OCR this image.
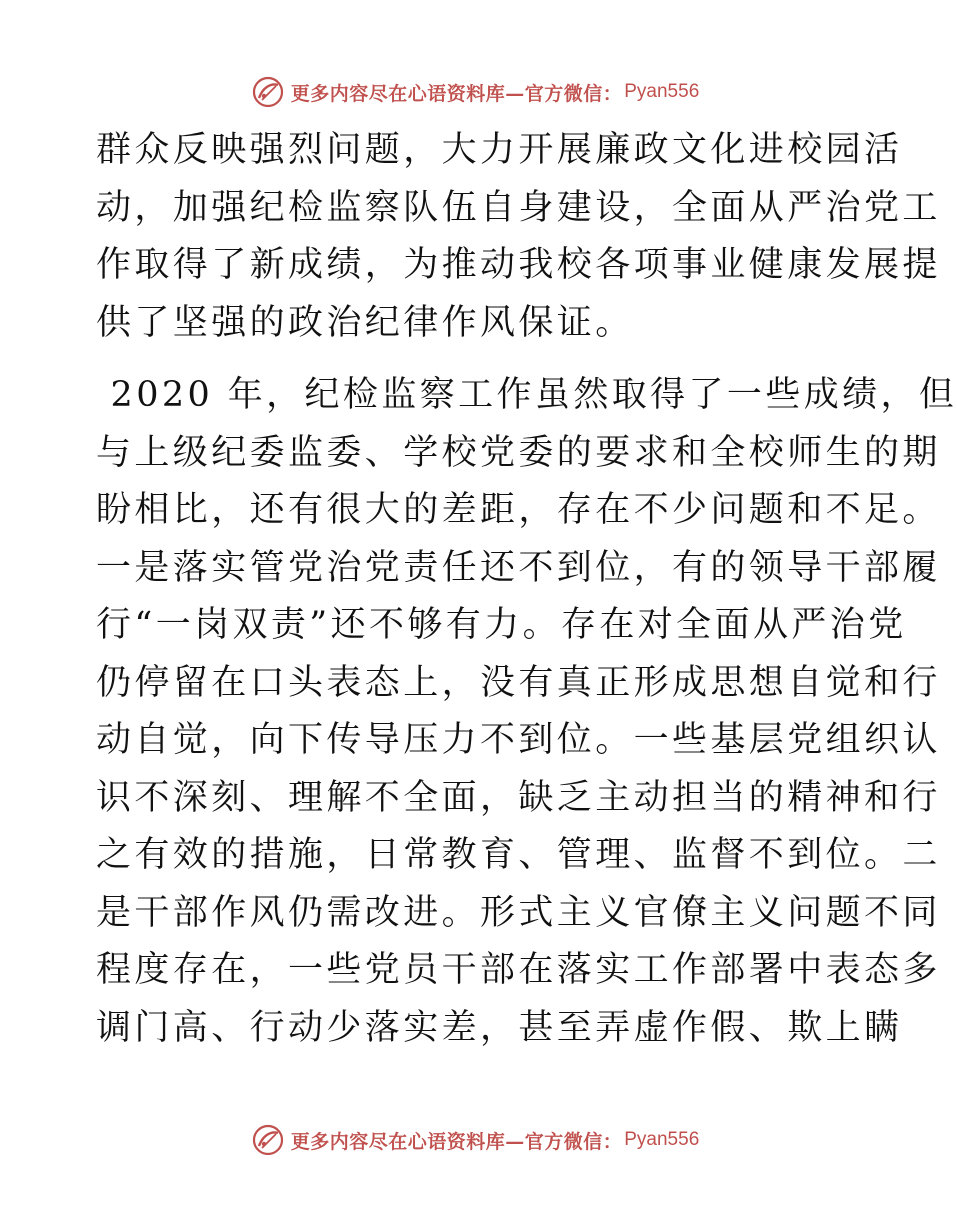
更多内容尽在心语资料库—官方微信： Pyan556
群众反映强烈问题，大力开展廉政文化进校园活
动，加强纪检监察队伍自身建设，全面从严治党工
作取得了新成绩，为推动我校各项事业健康发展提
供了坚强的政治纪律作风保证。
2020 年，纪检监察工作虽然取得了一些成绩，但
与上级纪委监委、学校党委的要求和全校师生的期
盼相比，还有很大的差距，存在不少问题和不足。
一是落实管党治党责任还不到位，有的领导干部履
行“一岗双责”还不够有力。存在对全面从严治党
仍停留在口头表态上，没有真正形成思想自觉和行
动自觉，向下传导压力不到位。一些基层党组织认
识不深刻、理解不全面，缺乏主动担当的精神和行
之有效的措施，日常教育、管理、监督不到位。二
是干部作风仍需改进。形式主义官僚主义问题不同
程度存在，一些党员干部在落实工作部署中表态多
调门高、行动少落实差，甚至弄虚作假、欺上瞒
更多内容尽在心语资料库—官方微信： Pyan556
